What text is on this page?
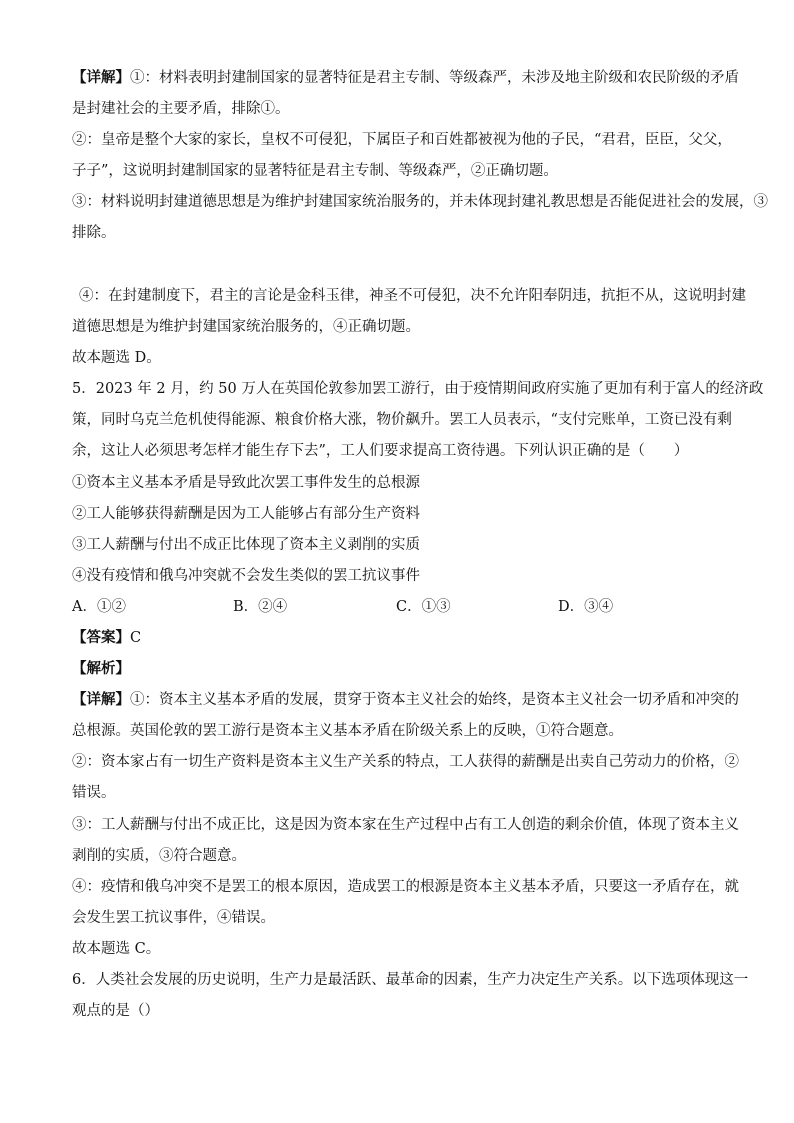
【详解】①：材料表明封建制国家的显著特征是君主专制、等级森严，未涉及地主阶级和农民阶级的矛盾
是封建社会的主要矛盾，排除①。
②：皇帝是整个大家的家长，皇权不可侵犯，下属臣子和百姓都被视为他的子民，“君君，臣臣，父父，
子子”，这说明封建制国家的显著特征是君主专制、等级森严，②正确切题。
③：材料说明封建道德思想是为维护封建国家统治服务的，并未体现封建礼教思想是否能促进社会的发展，③
排除。
④：在封建制度下，君主的言论是金科玉律，神圣不可侵犯，决不允许阳奉阴违，抗拒不从，这说明封建
道德思想是为维护封建国家统治服务的，④正确切题。
故本题选 D。
5．2023 年 2 月，约 50 万人在英国伦敦参加罢工游行，由于疫情期间政府实施了更加有利于富人的经济政
策，同时乌克兰危机使得能源、粮食价格大涨，物价飙升。罢工人员表示，“支付完账单，工资已没有剩
余，这让人必须思考怎样才能生存下去”，工人们要求提高工资待遇。下列认识正确的是（　　）
①资本主义基本矛盾是导致此次罢工事件发生的总根源
②工人能够获得薪酬是因为工人能够占有部分生产资料
③工人薪酬与付出不成正比体现了资本主义剥削的实质
④没有疫情和俄乌冲突就不会发生类似的罢工抗议事件
A．①②	B．②④	C．①③	D．③④
【答案】C
【解析】
【详解】①：资本主义基本矛盾的发展，贯穿于资本主义社会的始终，是资本主义社会一切矛盾和冲突的
总根源。英国伦敦的罢工游行是资本主义基本矛盾在阶级关系上的反映，①符合题意。
②：资本家占有一切生产资料是资本主义生产关系的特点，工人获得的薪酬是出卖自己劳动力的价格，②
错误。
③：工人薪酬与付出不成正比，这是因为资本家在生产过程中占有工人创造的剩余价值，体现了资本主义
剥削的实质，③符合题意。
④：疫情和俄乌冲突不是罢工的根本原因，造成罢工的根源是资本主义基本矛盾，只要这一矛盾存在，就
会发生罢工抗议事件，④错误。
故本题选 C。
6．人类社会发展的历史说明，生产力是最活跃、最革命的因素，生产力决定生产关系。以下选项体现这一
观点的是（）
